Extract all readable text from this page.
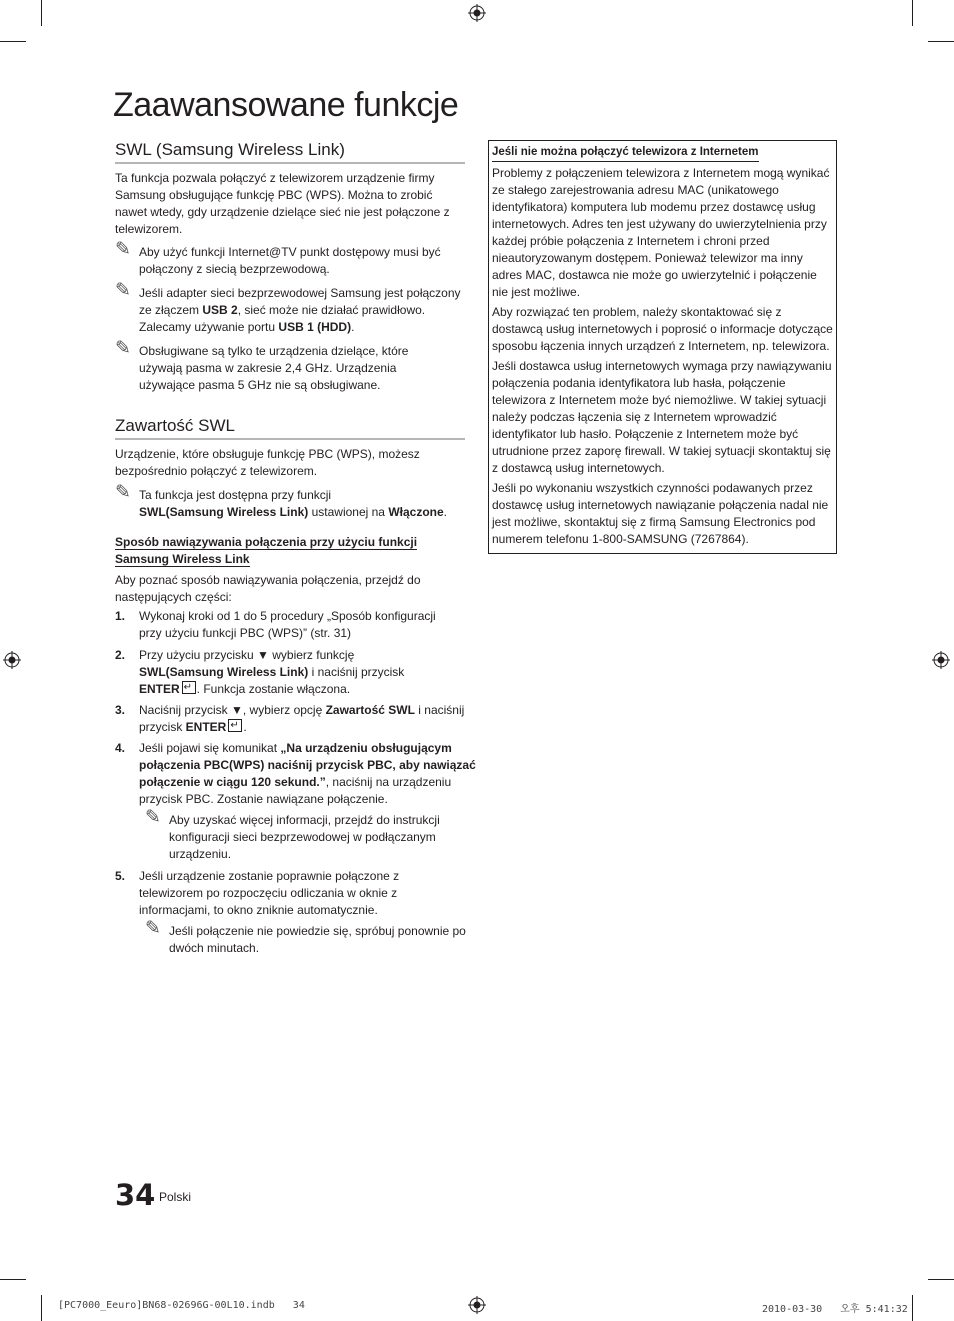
Zaawansowane funkcje
SWL (Samsung Wireless Link)
Ta funkcja pozwala połączyć z telewizorem urządzenie firmy Samsung obsługujące funkcję PBC (WPS). Można to zrobić nawet wtedy, gdy urządzenie dzielące sieć nie jest połączone z telewizorem.
✎ Aby użyć funkcji Internet@TV punkt dostępowy musi być połączony z siecią bezprzewodową.
✎ Jeśli adapter sieci bezprzewodowej Samsung jest połączony ze złączem USB 2, sieć może nie działać prawidłowo. Zalecamy używanie portu USB 1 (HDD).
✎ Obsługiwane są tylko te urządzenia dzielące, które używają pasma w zakresie 2,4 GHz. Urządzenia używające pasma 5 GHz nie są obsługiwane.
Zawartość SWL
Urządzenie, które obsługuje funkcję PBC (WPS), możesz bezpośrednio połączyć z telewizorem.
✎ Ta funkcja jest dostępna przy funkcji
SWL(Samsung Wireless Link) ustawionej na Włączone.
Sposób nawiązywania połączenia przy użyciu funkcji Samsung Wireless Link
Aby poznać sposób nawiązywania połączenia, przejdź do następujących części:
1. Wykonaj kroki od 1 do 5 procedury „Sposób konfiguracji przy użyciu funkcji PBC (WPS)” (str. 31)
2. Przy użyciu przycisku ▼ wybierz funkcję
SWL(Samsung Wireless Link) i naciśnij przycisk
ENTER ↵ . Funkcja zostanie włączona.
3. Naciśnij przycisk ▼, wybierz opcję Zawartość SWL i naciśnij przycisk ENTER ↵ .
4. Jeśli pojawi się komunikat „Na urządzeniu obsługującym połączenia PBC(WPS) naciśnij przycisk PBC, aby nawiązać połączenie w ciągu 120 sekund.”, naciśnij na urządzeniu przycisk PBC. Zostanie nawiązane połączenie.
✎ Aby uzyskać więcej informacji, przejdź do instrukcji konfiguracji sieci bezprzewodowej w podłączanym urządzeniu.
5. Jeśli urządzenie zostanie poprawnie połączone z telewizorem po rozpoczęciu odliczania w oknie z informacjami, to okno zniknie automatycznie.
✎ Jeśli połączenie nie powiedzie się, spróbuj ponownie po dwóch minutach.
Jeśli nie można połączyć telewizora z Internetem

Problemy z połączeniem telewizora z Internetem mogą wynikać ze stałego zarejestrowania adresu MAC (unikatowego identyfikatora) komputera lub modemu przez dostawcę usług internetowych. Adres ten jest używany do uwierzytelnienia przy każdej próbie połączenia z Internetem i chroni przed nieautoryzowanym dostępem. Ponieważ telewizor ma inny adres MAC, dostawca nie może go uwierzytelnić i połączenie nie jest możliwe.

Aby rozwiązać ten problem, należy skontaktować się z dostawcą usług internetowych i poprosić o informacje dotyczące sposobu łączenia innych urządzeń z Internetem, np. telewizora.

Jeśli dostawca usług internetowych wymaga przy nawiązywaniu połączenia podania identyfikatora lub hasła, połączenie telewizora z Internetem może być niemożliwe. W takiej sytuacji należy podczas łączenia się z Internetem wprowadzić identyfikator lub hasło. Połączenie z Internetem może być utrudnione przez zaporę firewall. W takiej sytuacji skontaktuj się z dostawcą usług internetowych.

Jeśli po wykonaniu wszystkich czynności podawanych przez dostawcę usług internetowych nawiązanie połączenia nadal nie jest możliwe, skontaktuj się z firmą Samsung Electronics pod numerem telefonu 1-800-SAMSUNG (7267864).

34 Polski
[PC7000_Eeuro]BN68-02696G-00L10.indb   34	2010-03-30   오후 5:41:32
